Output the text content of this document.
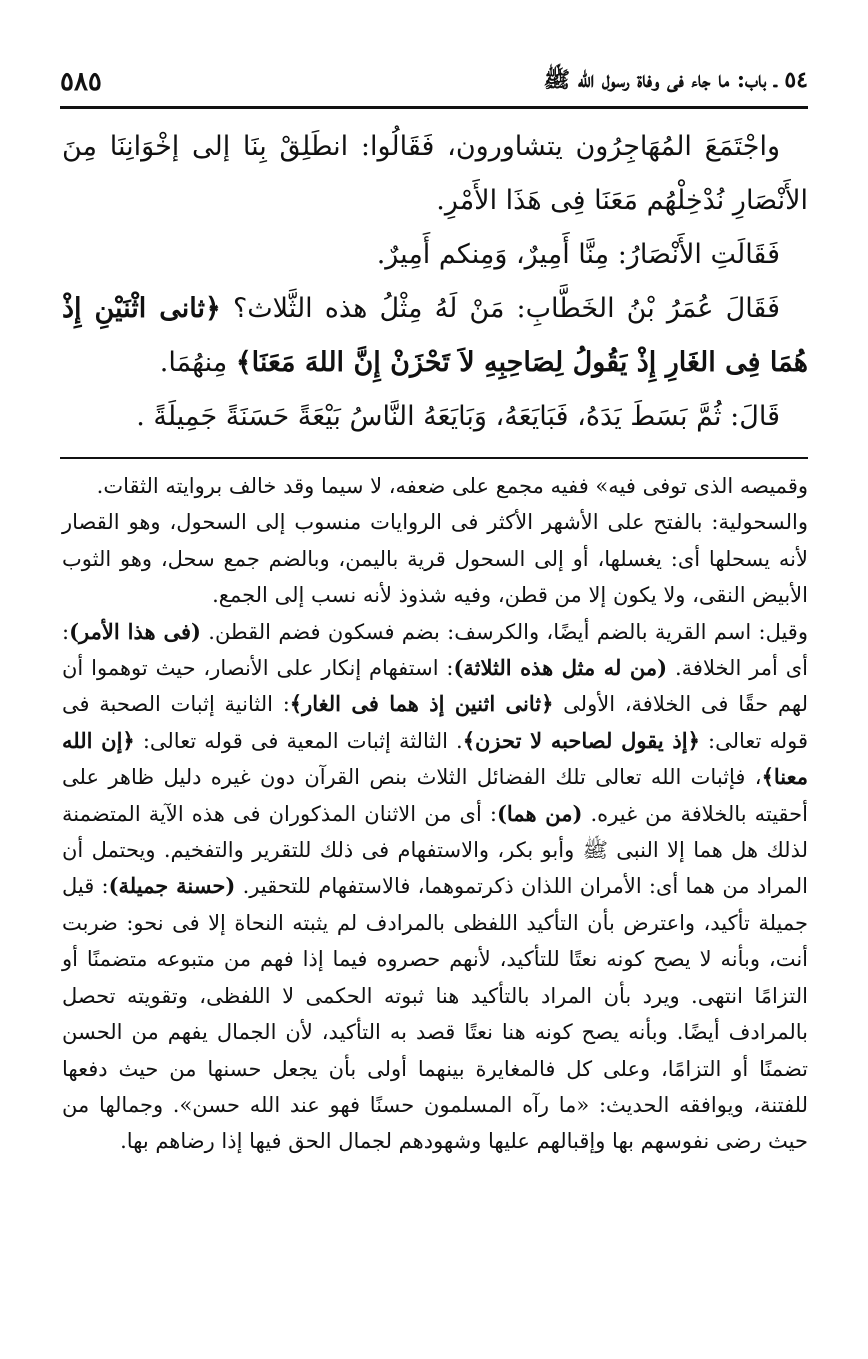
٥٤ ـ باب: ما جاء فى وفاة رسول الله ﷺ
٥٨٥

واجْتَمَعَ المُهَاجِرُون يتشاورون، فَقَالُوا: انطَلِقْ بِنَا إلى إخْوَانِنَا مِنَ الأَنْصَارِ نُدْخِلْهُم مَعَنَا فِى هَذَا الأَمْرِ.

فَقَالَتِ الأَنْصَارُ: مِنَّا أَمِيرٌ، وَمِنكم أَمِيرٌ.

فَقَالَ عُمَرُ بْنُ الخَطَّابِ: مَنْ لَهُ مِثْلُ هذه الثَّلاث؟ ﴿ثانى اثْنَيْنِ إِذْ هُمَا فِى الغَارِ إِذْ يَقُولُ لِصَاحِبِهِ لاَ تَحْزَنْ إِنَّ اللهَ مَعَنَا﴾ مِنهُمَا.

قَالَ: ثُمَّ بَسَطَ يَدَهُ، فَبَايَعَهُ، وَبَايَعَهُ النَّاسُ بَيْعَةً حَسَنَةً جَمِيلَةً .

وقميصه الذى توفى فيه» ففيه مجمع على ضعفه، لا سيما وقد خالف بروايته الثقات.

والسحولية: بالفتح على الأشهر الأكثر فى الروايات منسوب إلى السحول، وهو القصار لأنه يسحلها أى: يغسلها، أو إلى السحول قرية باليمن، وبالضم جمع سحل، وهو الثوب الأبيض النقى، ولا يكون إلا من قطن، وفيه شذوذ لأنه نسب إلى الجمع.

وقيل: اسم القرية بالضم أيضًا، والكرسف: بضم فسكون فضم القطن. (فى هذا الأمر): أى أمر الخلافة. (من له مثل هذه الثلاثة): استفهام إنكار على الأنصار، حيث توهموا أن لهم حقًا فى الخلافة، الأولى ﴿ثانى اثنين إذ هما فى الغار﴾: الثانية إثبات الصحبة فى قوله تعالى: ﴿إذ يقول لصاحبه لا تحزن﴾. الثالثة إثبات المعية فى قوله تعالى: ﴿إن الله معنا﴾، فإثبات الله تعالى تلك الفضائل الثلاث بنص القرآن دون غيره دليل ظاهر على أحقيته بالخلافة من غيره. (من هما): أى من الاثنان المذكوران فى هذه الآية المتضمنة لذلك هل هما إلا النبى ﷺ وأبو بكر، والاستفهام فى ذلك للتقرير والتفخيم. ويحتمل أن المراد من هما أى: الأمران اللذان ذكرتموهما، فالاستفهام للتحقير. (حسنة جميلة): قيل جميلة تأكيد، واعترض بأن التأكيد اللفظى بالمرادف لم يثبته النحاة إلا فى نحو: ضربت أنت، وبأنه لا يصح كونه نعتًا للتأكيد، لأنهم حصروه فيما إذا فهم من متبوعه متضمنًا أو التزامًا انتهى. ويرد بأن المراد بالتأكيد هنا ثبوته الحكمى لا اللفظى، وتقويته تحصل بالمرادف أيضًا. وبأنه يصح كونه هنا نعتًا قصد به التأكيد، لأن الجمال يفهم من الحسن تضمنًا أو التزامًا، وعلى كل فالمغايرة بينهما أولى بأن يجعل حسنها من حيث دفعها للفتنة، ويوافقه الحديث: «ما رآه المسلمون حسنًا فهو عند الله حسن». وجمالها من حيث رضى نفوسهم بها وإقبالهم عليها وشهودهم لجمال الحق فيها إذا رضاهم بها.
